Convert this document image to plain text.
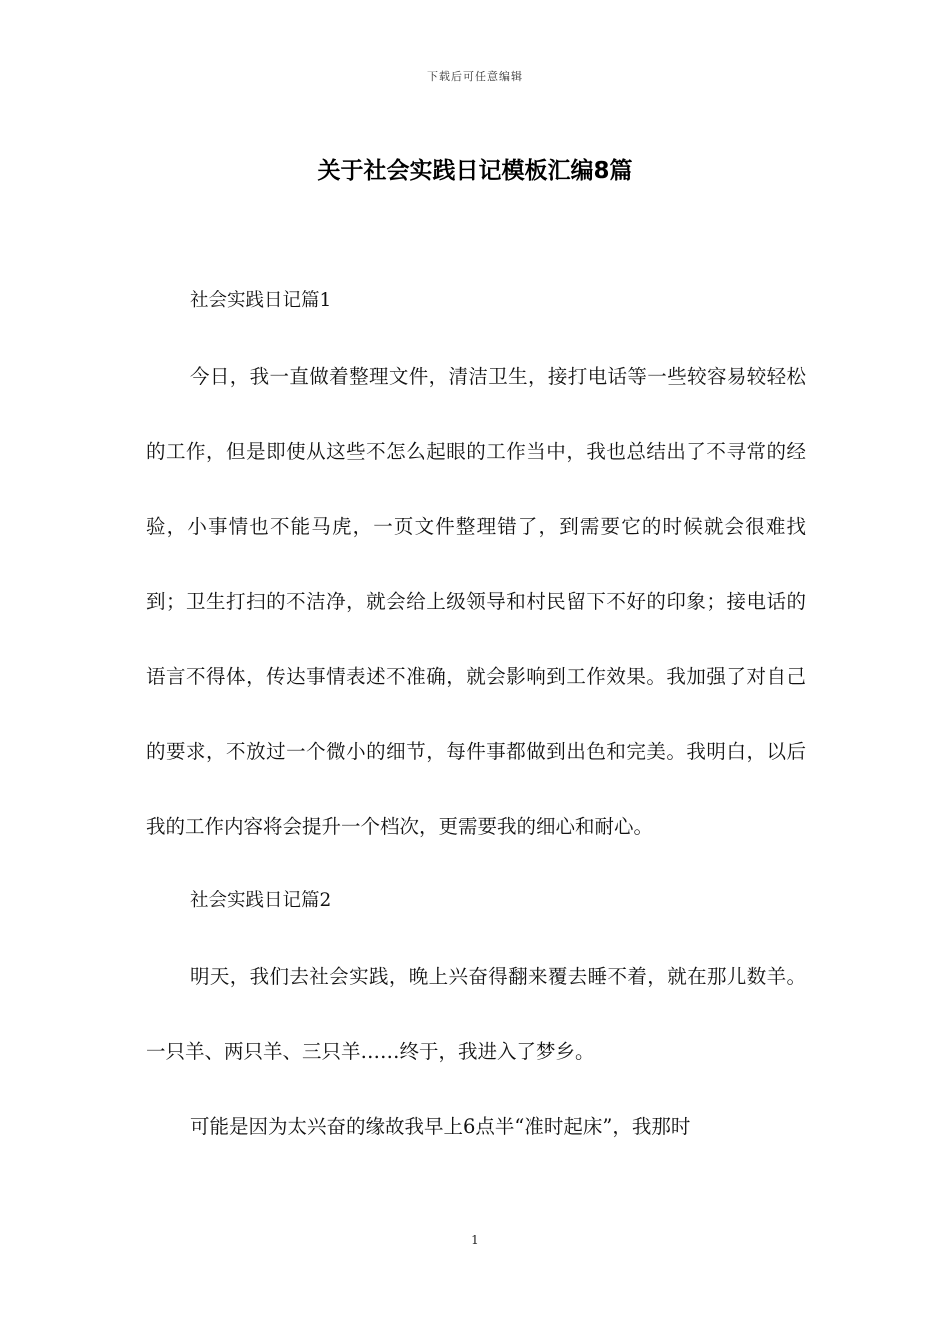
下载后可任意编辑
关于社会实践日记模板汇编8篇

社会实践日记篇1

今日，我一直做着整理文件，清洁卫生，接打电话等一些较容易较轻松的工作，但是即使从这些不怎么起眼的工作当中，我也总结出了不寻常的经验，小事情也不能马虎，一页文件整理错了，到需要它的时候就会很难找到；卫生打扫的不洁净，就会给上级领导和村民留下不好的印象；接电话的语言不得体，传达事情表述不准确，就会影响到工作效果。我加强了对自己的要求，不放过一个微小的细节，每件事都做到出色和完美。我明白，以后我的工作内容将会提升一个档次，更需要我的细心和耐心。

社会实践日记篇2

明天，我们去社会实践，晚上兴奋得翻来覆去睡不着，就在那儿数羊。一只羊、两只羊、三只羊……终于，我进入了梦乡。

可能是因为太兴奋的缘故我早上6点半“准时起床”，我那时

1
